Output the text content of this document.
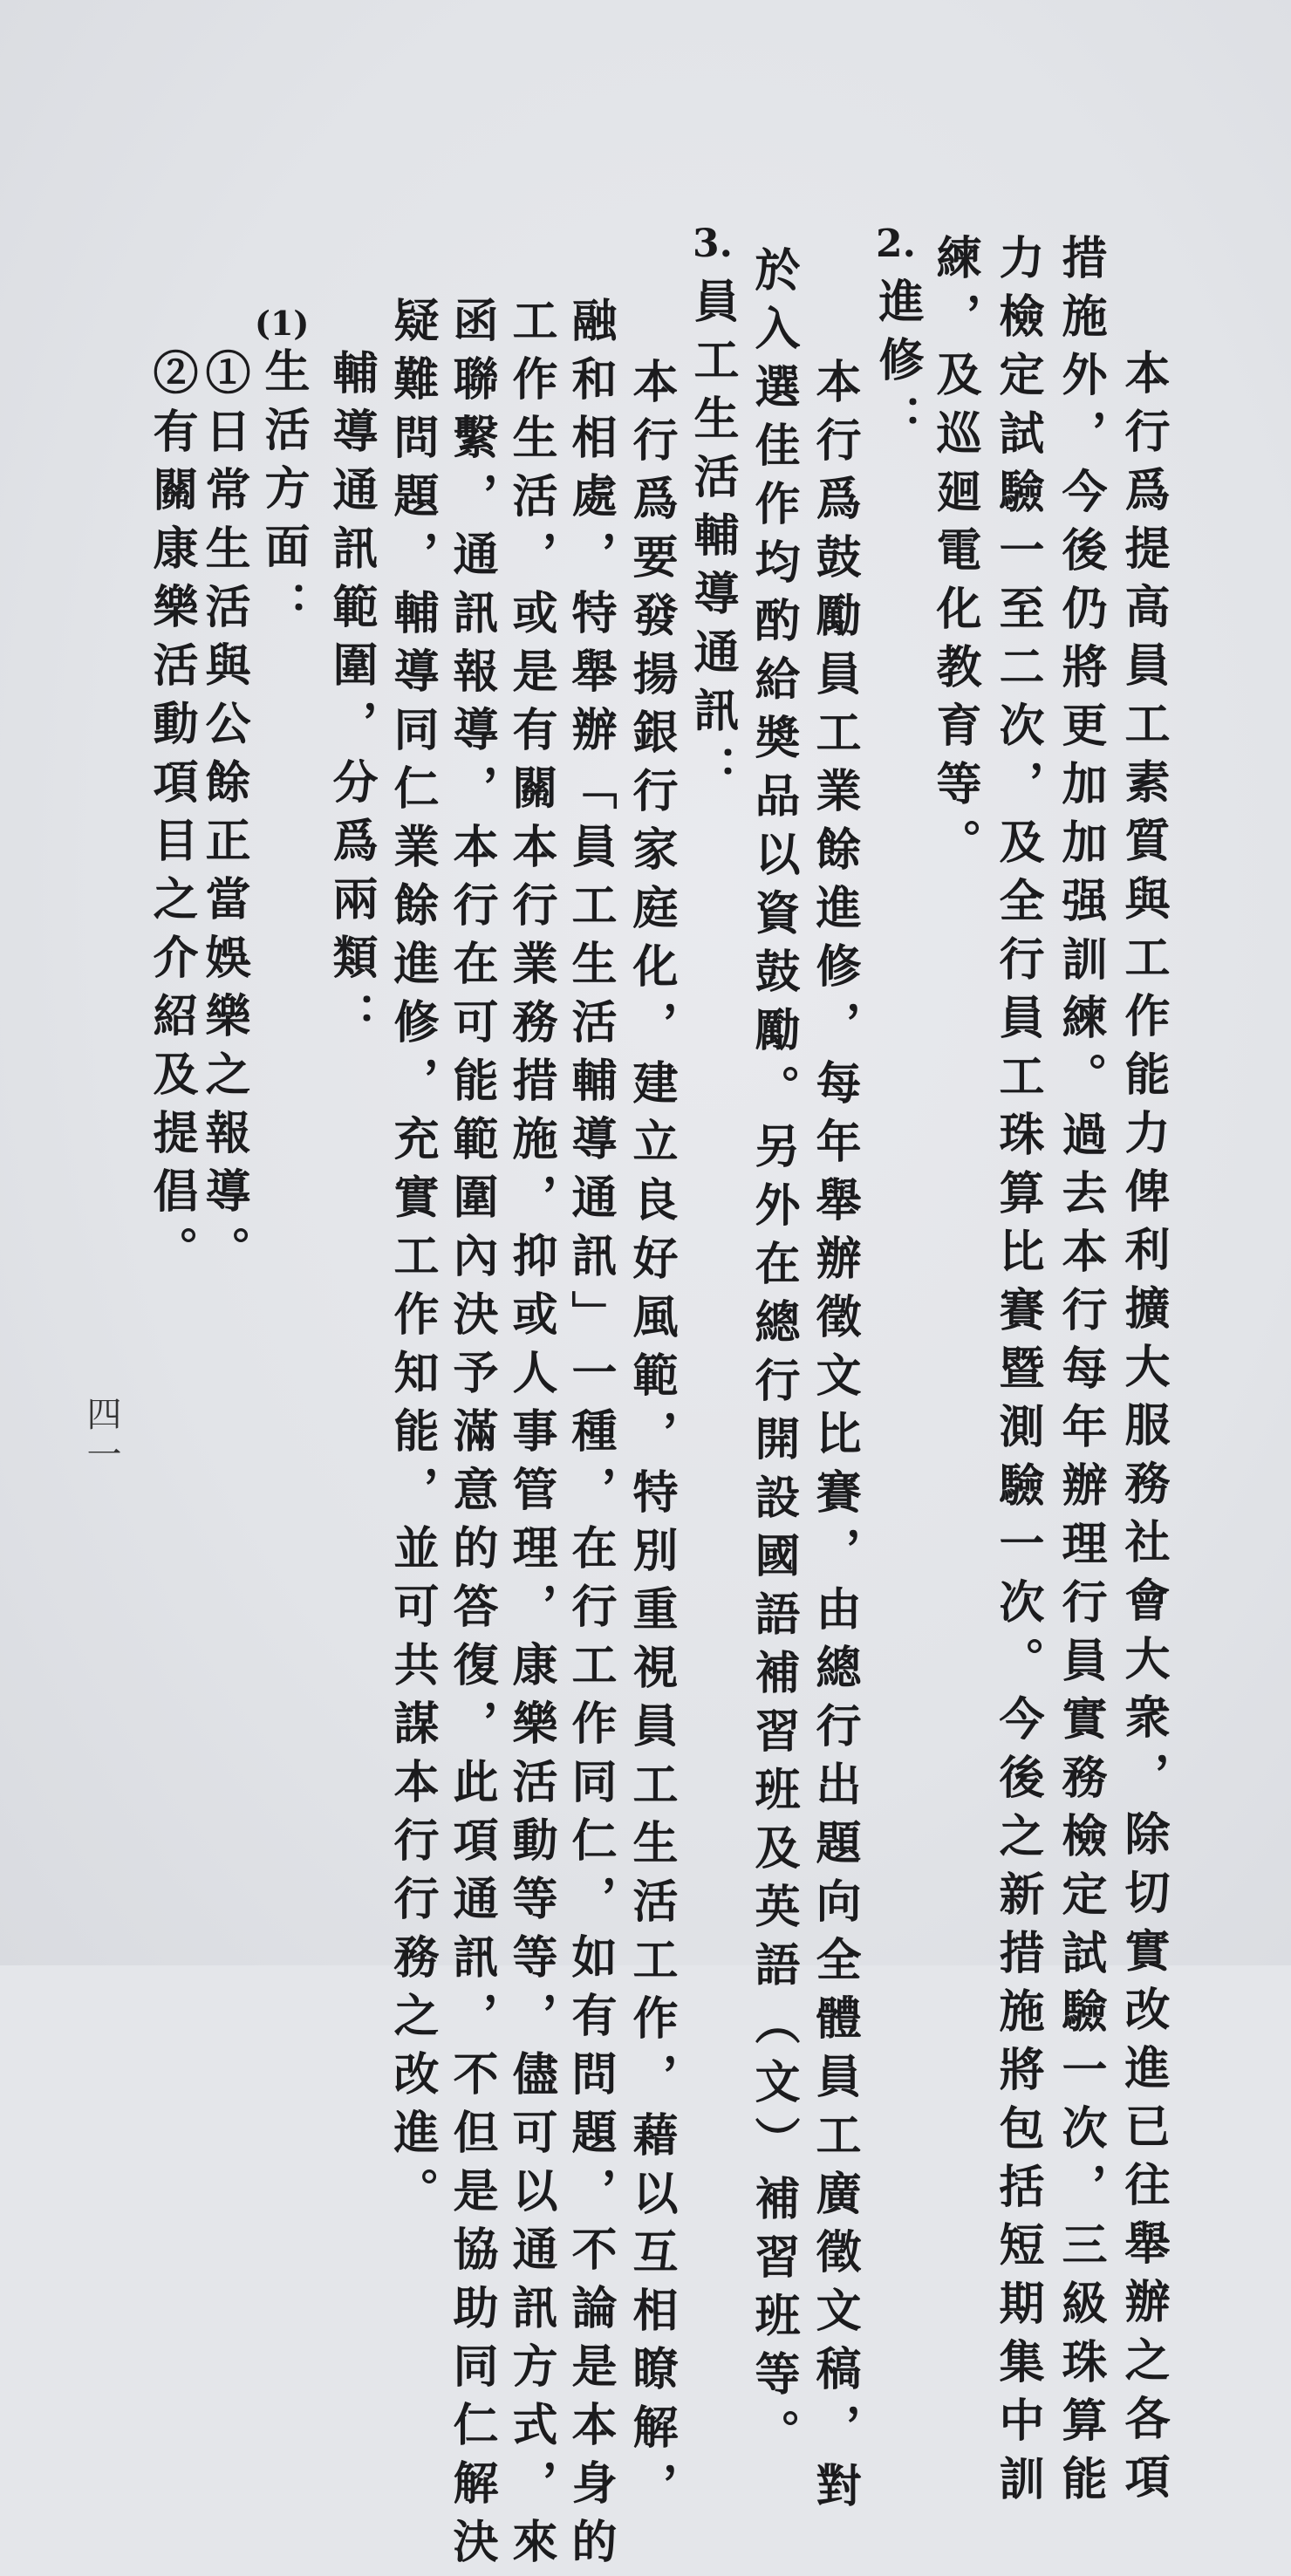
本行爲提高員工素質與工作能力俾利擴大服務社會大衆，除切實改進已往舉辦之各項
措施外，今後仍將更加加强訓練。過去本行每年辦理行員實務檢定試驗一次，三級珠算能
力檢定試驗一至二次，及全行員工珠算比賽暨測驗一次。今後之新措施將包括短期集中訓
練，及巡廻電化教育等。
2.
進修：
本行爲鼓勵員工業餘進修，每年舉辦徵文比賽，由總行出題向全體員工廣徵文稿，對
於入選佳作均酌給奬品以資鼓勵。另外在總行開設國語補習班及英語（文）補習班等。
3.
員工生活輔導通訊：
本行爲要發揚銀行家庭化，建立良好風範，特別重視員工生活工作，藉以互相瞭解，
融和相處，特舉辦「員工生活輔導通訊」一種，在行工作同仁，如有問題，不論是本身的
工作生活，或是有關本行業務措施，抑或人事管理，康樂活動等等，儘可以通訊方式，來
函聯繫，通訊報導，本行在可能範圍內決予滿意的答復，此項通訊，不但是協助同仁解決
疑難問題，輔導同仁業餘進修，充實工作知能，並可共謀本行行務之改進。
輔導通訊範圍，分爲兩類：
(1)
生活方面：
①日常生活與公餘正當娛樂之報導。
②有關康樂活動項目之介紹及提倡。
四一
